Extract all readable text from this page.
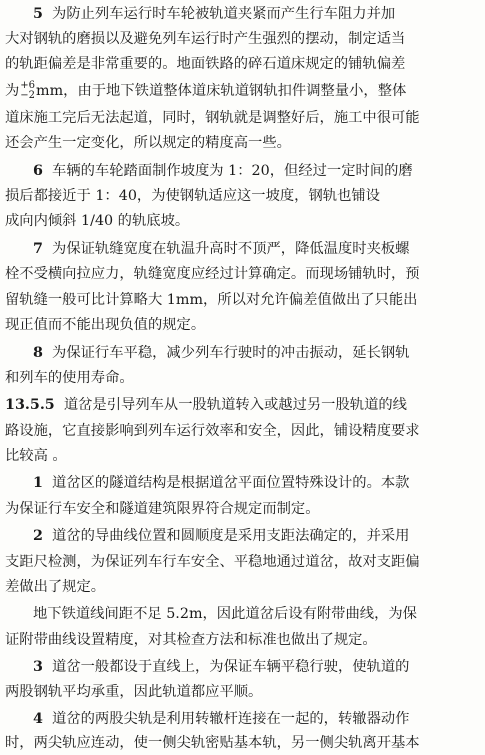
5 为防止列车运行时车轮被轨道夹紧而产生行车阻力并加
大对钢轨的磨损以及避免列车运行时产生强烈的摆动，制定适当
的轨距偏差是非常重要的。地面铁路的碎石道床规定的铺轨偏差
为 +6
−2 mm，由于地下铁道整体道床轨道钢轨扣件调整量小，整体
道床施工完后无法起道，同时，钢轨就是调整好后，施工中很可能
还会产生一定变化，所以规定的精度高一些。
6 车辆的车轮踏面制作坡度为 1：20，但经过一定时间的磨
损后都接近于 1：40，为使钢轨适应这一坡度，钢轨也铺设
成向内倾斜 1/40 的轨底坡。
7 为保证轨缝宽度在轨温升高时不顶严，降低温度时夹板螺
栓不受横向拉应力，轨缝宽度应经过计算确定。而现场铺轨时，预
留轨缝一般可比计算略大 1mm，所以对允许偏差值做出了只能出
现正值而不能出现负值的规定。
8 为保证行车平稳，减少列车行驶时的冲击振动，延长钢轨
和列车的使用寿命。
13.5.5 道岔是引导列车从一股轨道转入或越过另一股轨道的线
路设施，它直接影响到列车运行效率和安全，因此，铺设精度要求
比较高 。
1 道岔区的隧道结构是根据道岔平面位置特殊设计的。本款
为保证行车安全和隧道建筑限界符合规定而制定。
2 道岔的导曲线位置和圆顺度是采用支距法确定的，并采用
支距尺检测，为保证列车行车安全、平稳地通过道岔，故对支距偏
差做出了规定。
地下铁道线间距不足 5.2m，因此道岔后设有附带曲线，为保
证附带曲线设置精度，对其检查方法和标准也做出了规定。
3 道岔一般都设于直线上，为保证车辆平稳行驶，使轨道的
两股钢轨平均承重，因此轨道都应平顺。
4 道岔的两股尖轨是利用转辙杆连接在一起的，转辙器动作
时，两尖轨应连动，使一侧尖轨密贴基本轨，另一侧尖轨离开基本
